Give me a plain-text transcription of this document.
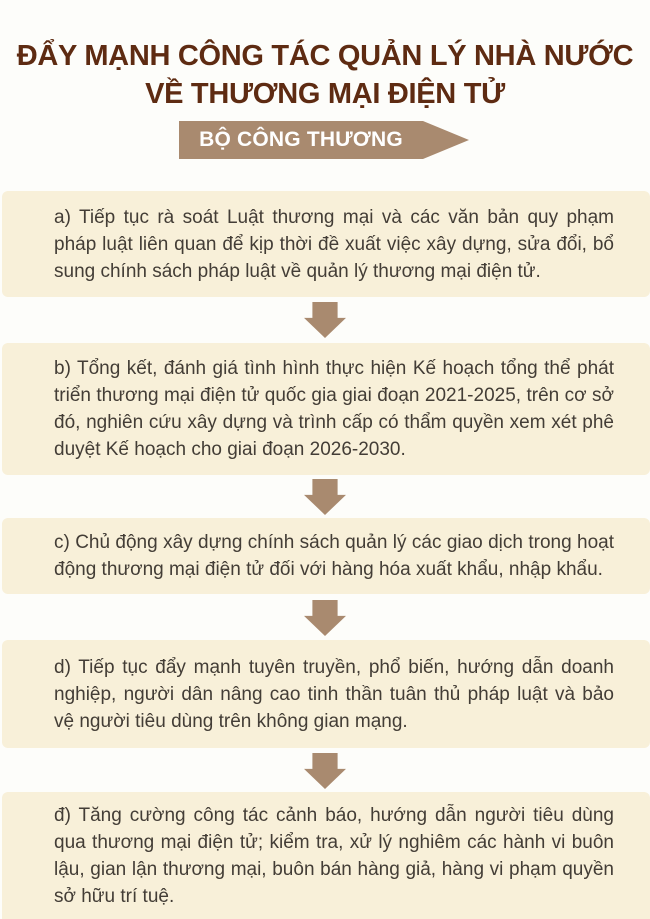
ĐẨY MẠNH CÔNG TÁC QUẢN LÝ NHÀ NƯỚC
VỀ THƯƠNG MẠI ĐIỆN TỬ
BỘ CÔNG THƯƠNG

a) Tiếp tục rà soát Luật thương mại và các văn bản quy phạm pháp luật liên quan để kịp thời đề xuất việc xây dựng, sửa đổi, bổ sung chính sách pháp luật về quản lý thương mại điện tử.

b) Tổng kết, đánh giá tình hình thực hiện Kế hoạch tổng thể phát triển thương mại điện tử quốc gia giai đoạn 2021-2025, trên cơ sở đó, nghiên cứu xây dựng và trình cấp có thẩm quyền xem xét phê duyệt Kế hoạch cho giai đoạn 2026-2030.

c) Chủ động xây dựng chính sách quản lý các giao dịch trong hoạt động thương mại điện tử đối với hàng hóa xuất khẩu, nhập khẩu.

d) Tiếp tục đẩy mạnh tuyên truyền, phổ biến, hướng dẫn doanh nghiệp, người dân nâng cao tinh thần tuân thủ pháp luật và bảo vệ người tiêu dùng trên không gian mạng.

đ) Tăng cường công tác cảnh báo, hướng dẫn người tiêu dùng qua thương mại điện tử; kiểm tra, xử lý nghiêm các hành vi buôn lậu, gian lận thương mại, buôn bán hàng giả, hàng vi phạm quyền sở hữu trí tuệ.
